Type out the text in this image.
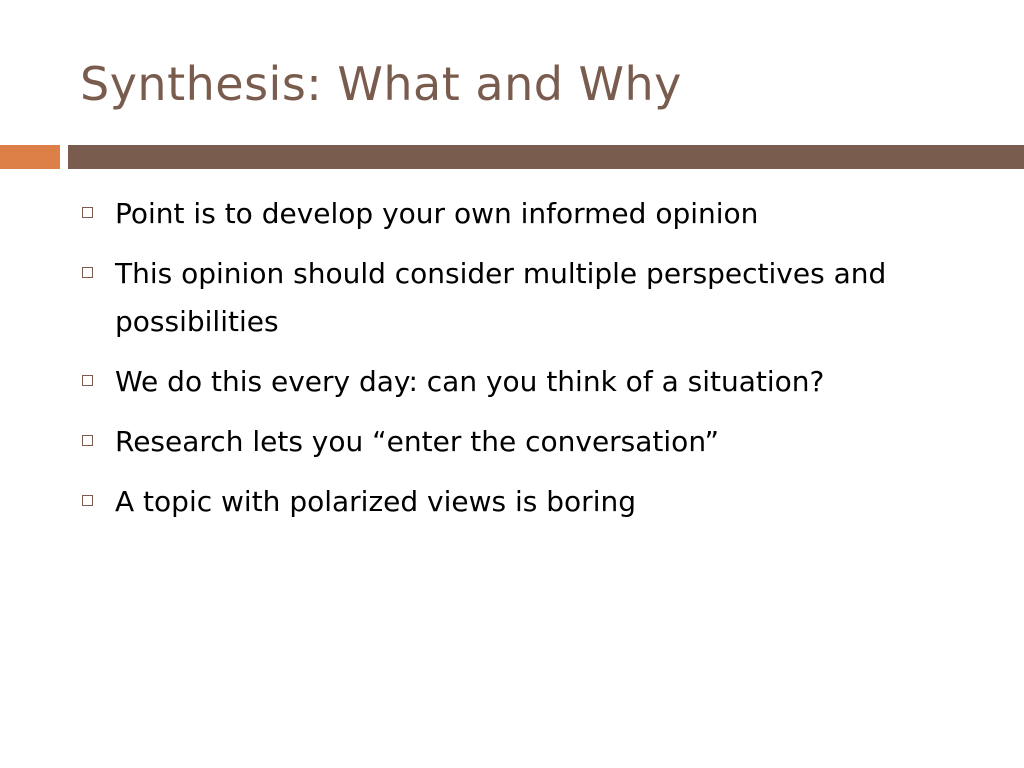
Synthesis: What and Why
Point is to develop your own informed opinion
This opinion should consider multiple perspectives and possibilities
We do this every day: can you think of a situation?
Research lets you “enter the conversation”
A topic with polarized views is boring
